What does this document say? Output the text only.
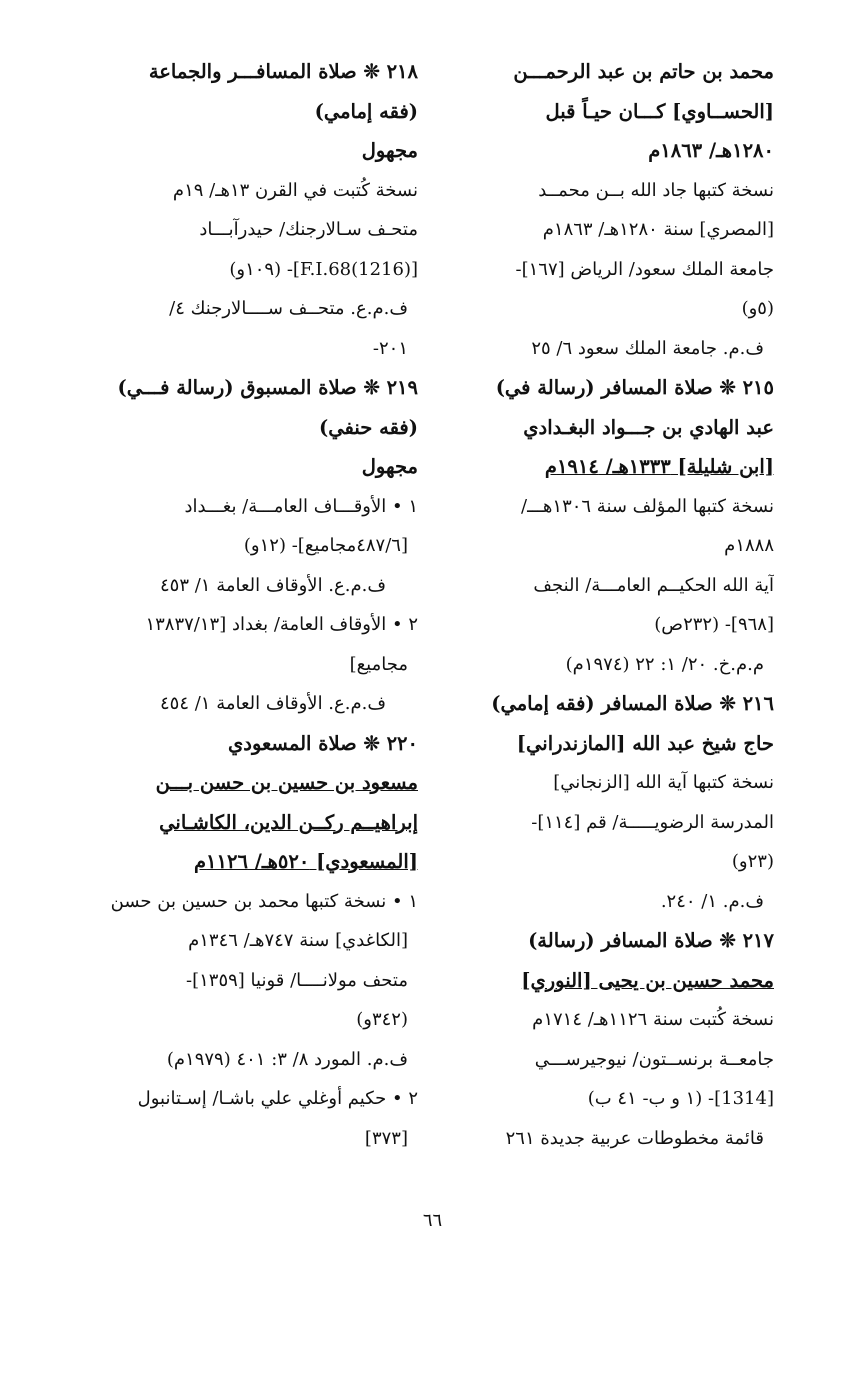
محمد بن حاتم بن عبد الرحمـــن
[الحســاوي] كـــان حيـاً قبل
١٢٨٠هـ/ ١٨٦٣م
نسخة كتبها جاد الله بــن محمــد
[المصري] سنة ١٢٨٠هـ/ ١٨٦٣م
جامعة الملك سعود/ الرياض [١٦٧]-
(٥و)
ف.م. جامعة الملك سعود ٦/ ٢٥
٢١٥ ❊ صلاة المسافر (رسالة في)
عبد الهادي بن جـــواد البغـدادي
[ابن شليلة] ١٣٣٣هـ/ ١٩١٤م
نسخة كتبها المؤلف سنة ١٣٠٦هـــ/
١٨٨٨م
آية الله الحكيــم العامـــة/ النجف
[٩٦٨]- (٢٣٢ص)
م.م.خ. ٢٠/ ١: ٢٢ (١٩٧٤م)
٢١٦ ❊ صلاة المسافر (فقه إمامي)
حاج شيخ عبد الله [المازندراني]
نسخة كتبها آية الله [الزنجاني]
المدرسة الرضويـــــة/ قم [١١٤]-
(٢٣و)
ف.م. ١/ ٢٤٠.
٢١٧ ❊ صلاة المسافر (رسالة)
محمد حسين بن يحيى [النوري]
نسخة كُتبت سنة ١١٢٦هـ/ ١٧١٤م
جامعــة برنســتون/ نيوجيرســـي
[1314]- (١ و ب- ٤١ ب)
قائمة مخطوطات عربية جديدة ٢٦١
٢١٨ ❊ صلاة المسافـــر والجماعة
(فقه إمامي)
مجهول
نسخة كُتبت في القرن ١٣هـ/ ١٩م
متحـف سـالارجنك/ حيدرآبـــاد
[F.I.68(1216)]- (١٠٩و)
ف.م.ع. متحــف ســــالارجنك ٤/
٢٠١-
٢١٩ ❊ صلاة المسبوق (رسالة فـــي)
(فقه حنفي)
مجهول
١ • الأوقـــاف العامـــة/ بغـــداد
[٤٨٧/٦مجاميع]- (١٢و)
ف.م.ع. الأوقاف العامة ١/ ٤٥٣
٢ • الأوقاف العامة/ بغداد [١٣٨٣٧/١٣
مجاميع]
ف.م.ع. الأوقاف العامة ١/ ٤٥٤
٢٢٠ ❊ صلاة المسعودي
مسعود بن حسين بن حسن بـــن
إبراهيــم ركــن الدين، الكاشـاني
[المسعودي] ٥٢٠هـ/ ١١٢٦م
١ • نسخة كتبها محمد بن حسين بن حسن
[الكاغدي] سنة ٧٤٧هـ/ ١٣٤٦م
متحف مولانــــا/ قونيا [١٣٥٩]-
(٣٤٢و)
ف.م. المورد ٨/ ٣: ٤٠١ (١٩٧٩م)
٢ • حكيم أوغلي علي باشـا/ إسـتانبول
[٣٧٣]
٦٦
